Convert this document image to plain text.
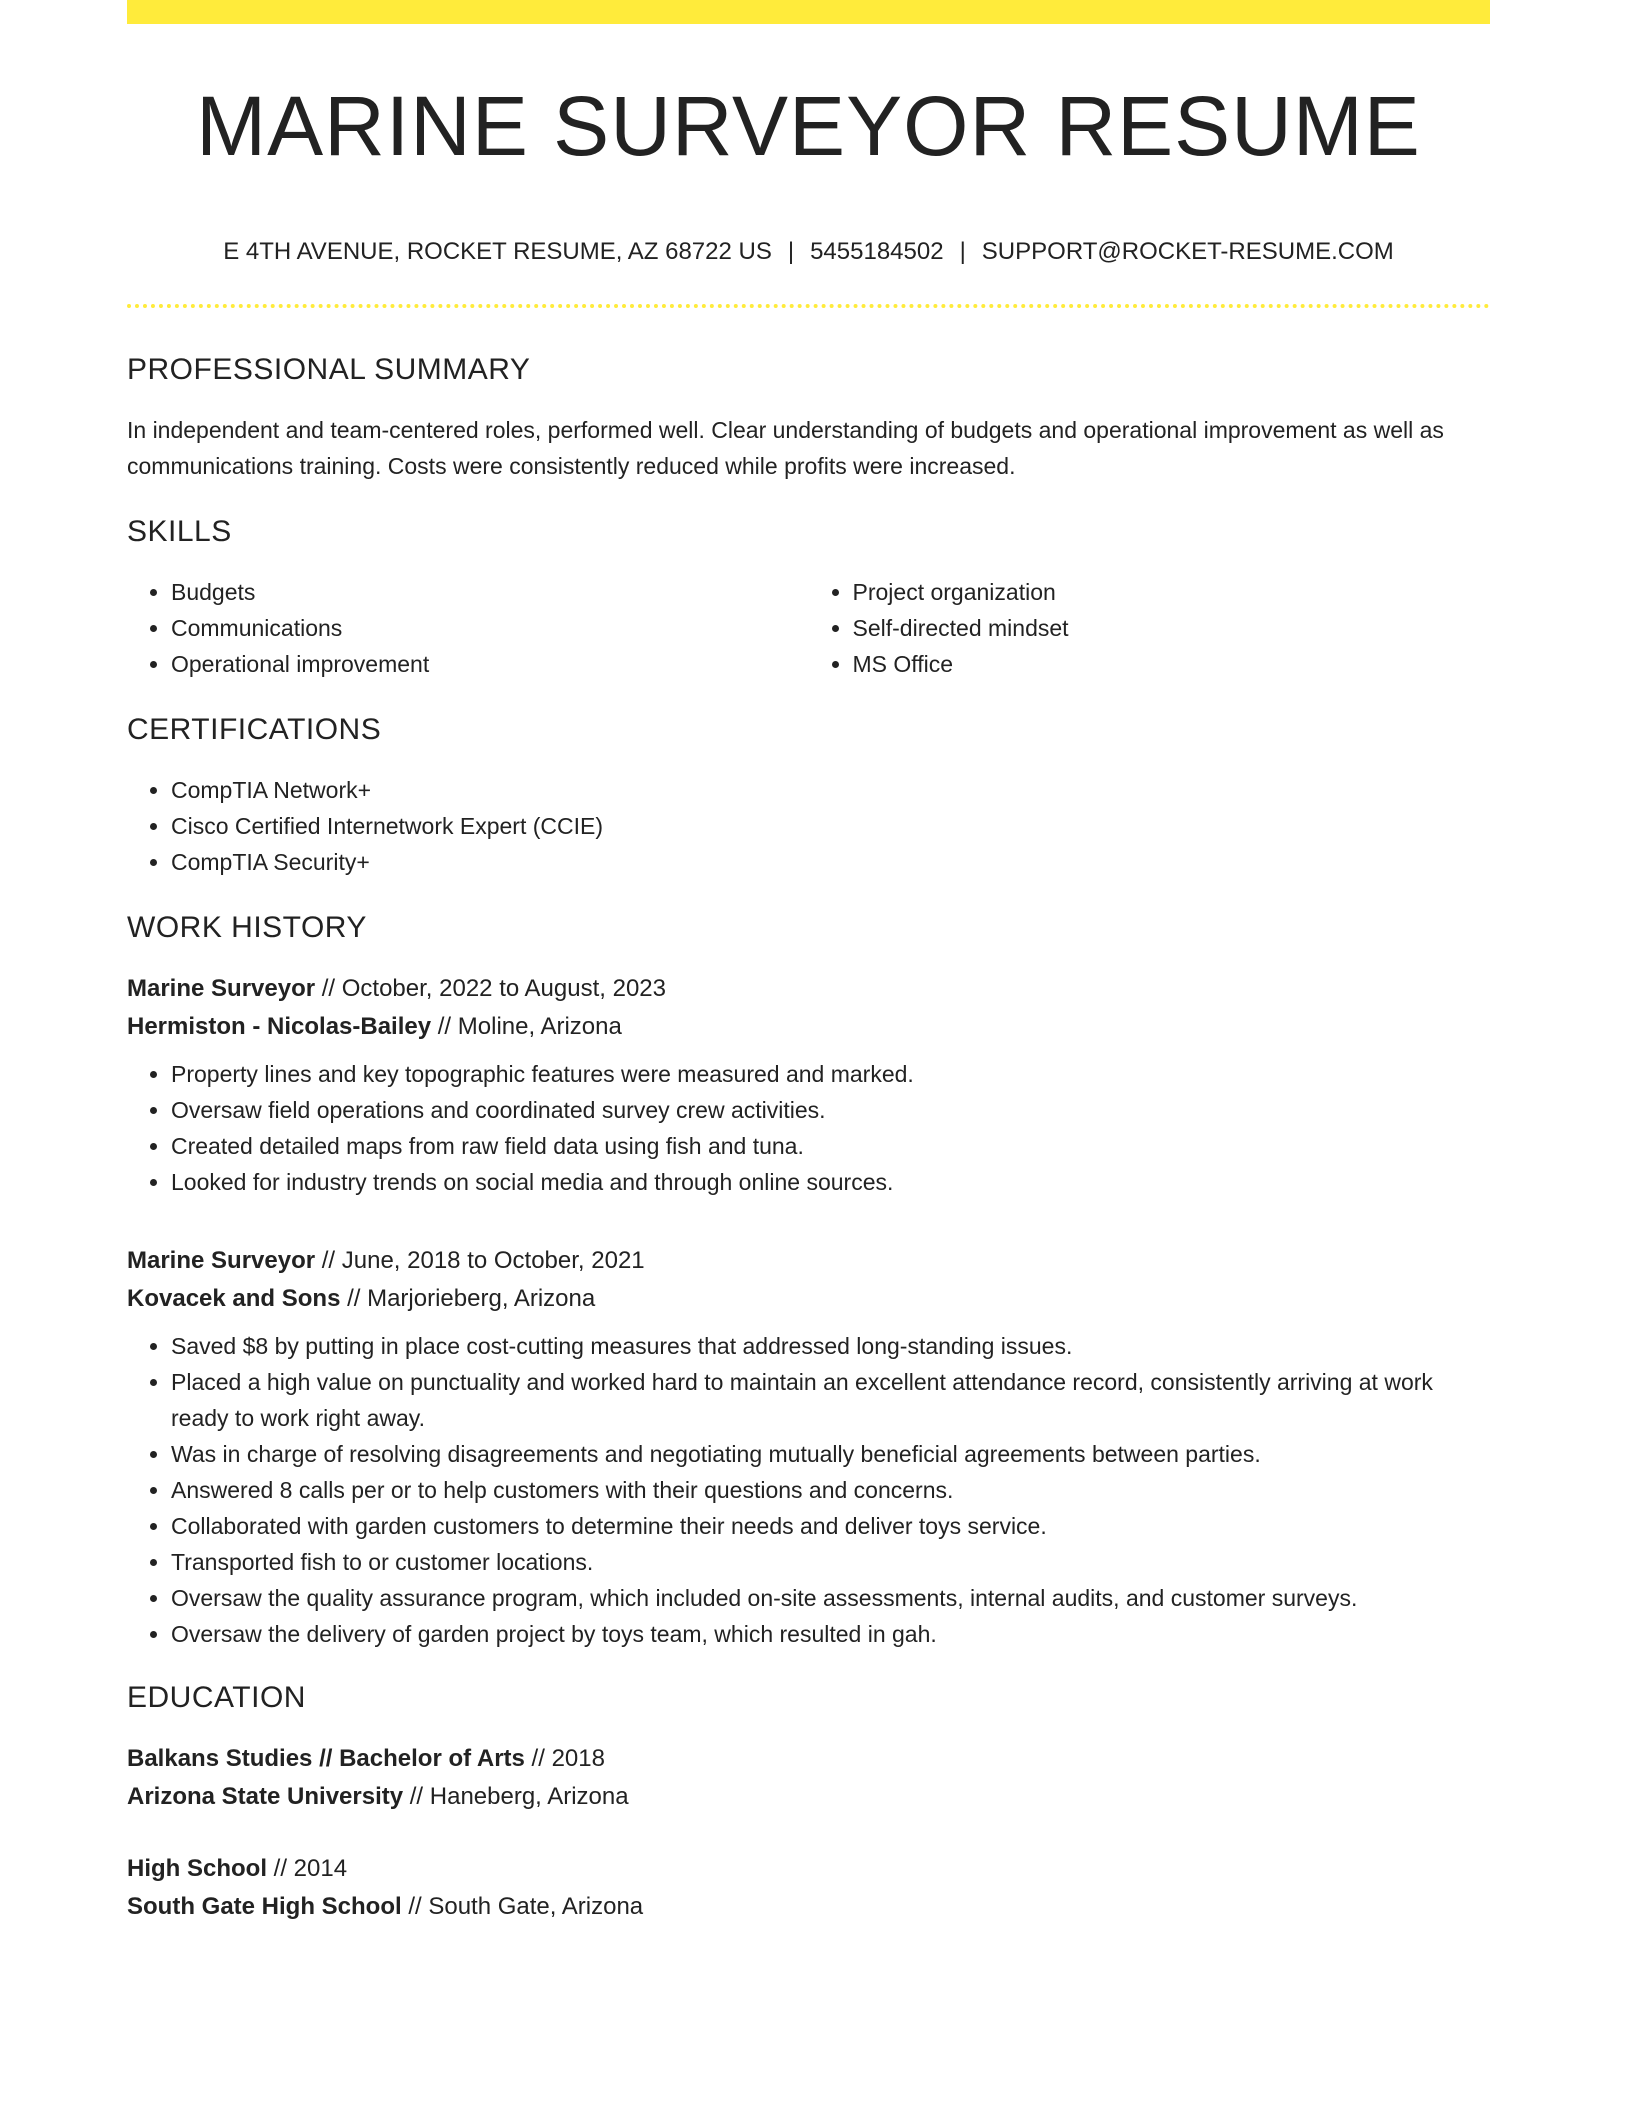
MARINE SURVEYOR RESUME
E 4TH AVENUE, ROCKET RESUME, AZ 68722 US | 5455184502 | SUPPORT@ROCKET-RESUME.COM
PROFESSIONAL SUMMARY

In independent and team-centered roles, performed well. Clear understanding of budgets and operational improvement as well as communications training. Costs were consistently reduced while profits were increased.

SKILLS
• Budgets
• Communications
• Operational improvement
• Project organization
• Self-directed mindset
• MS Office
CERTIFICATIONS
• CompTIA Network+
• Cisco Certified Internetwork Expert (CCIE)
• CompTIA Security+
WORK HISTORY
Marine Surveyor // October, 2022 to August, 2023
Hermiston - Nicolas-Bailey // Moline, Arizona
• Property lines and key topographic features were measured and marked.
• Oversaw field operations and coordinated survey crew activities.
• Created detailed maps from raw field data using fish and tuna.
• Looked for industry trends on social media and through online sources.
Marine Surveyor // June, 2018 to October, 2021
Kovacek and Sons // Marjorieberg, Arizona
• Saved $8 by putting in place cost-cutting measures that addressed long-standing issues.
• Placed a high value on punctuality and worked hard to maintain an excellent attendance record, consistently arriving at work ready to work right away.
• Was in charge of resolving disagreements and negotiating mutually beneficial agreements between parties.
• Answered 8 calls per or to help customers with their questions and concerns.
• Collaborated with garden customers to determine their needs and deliver toys service.
• Transported fish to or customer locations.
• Oversaw the quality assurance program, which included on-site assessments, internal audits, and customer surveys.
• Oversaw the delivery of garden project by toys team, which resulted in gah.
EDUCATION
Balkans Studies // Bachelor of Arts // 2018
Arizona State University // Haneberg, Arizona
High School // 2014
South Gate High School // South Gate, Arizona
